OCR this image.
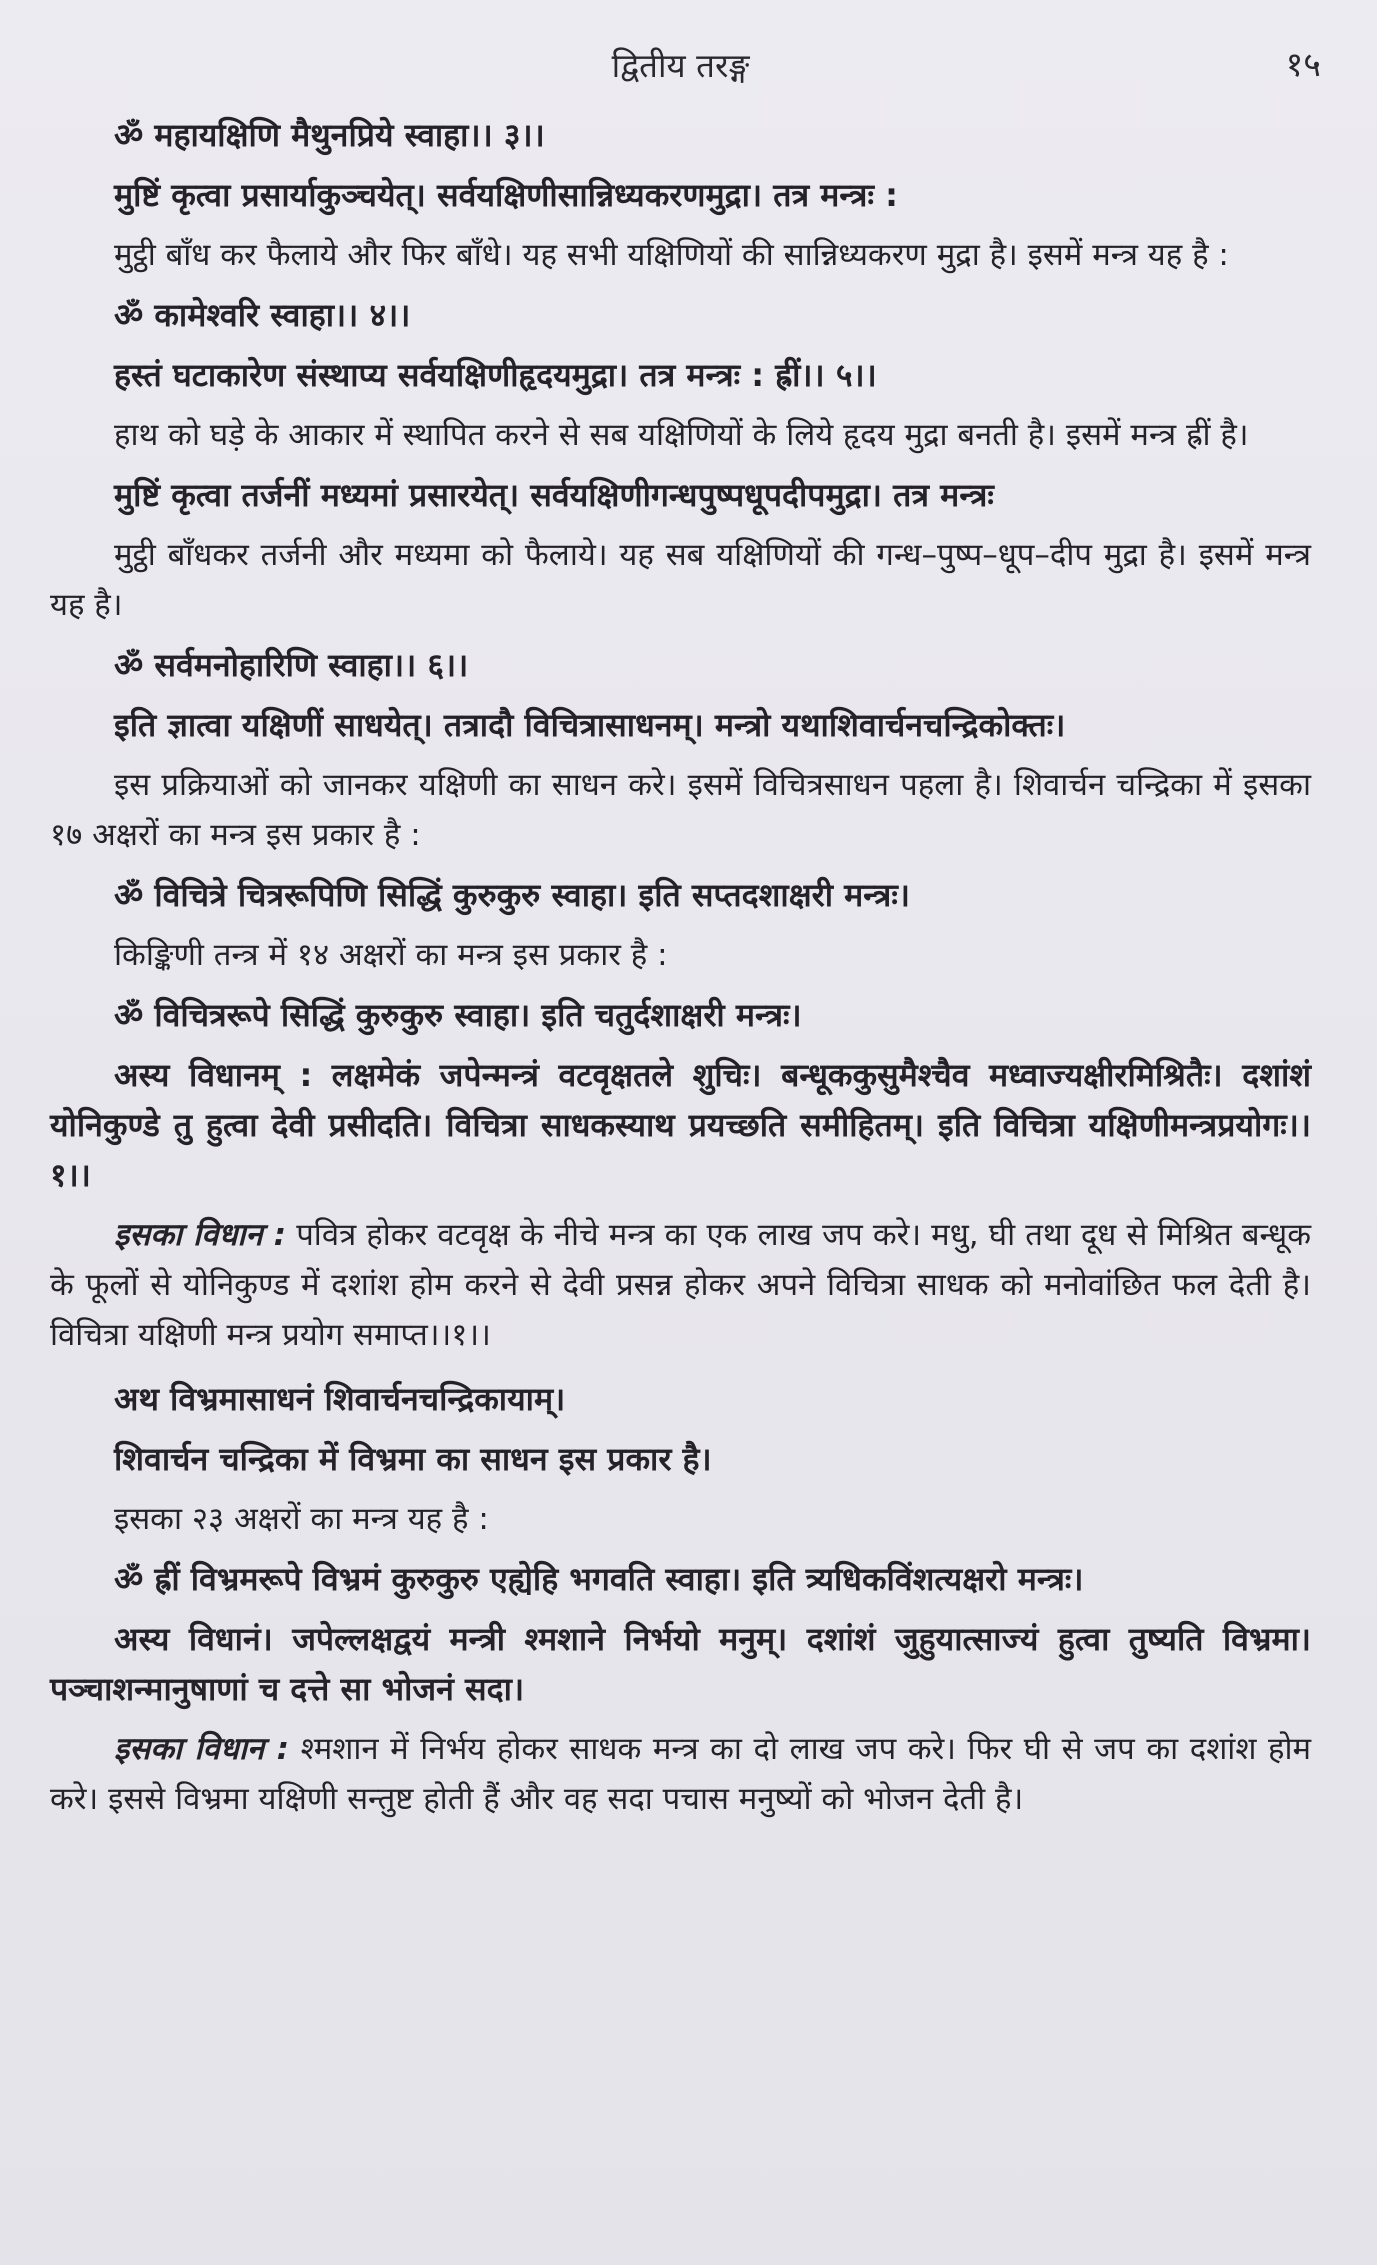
द्वितीय तरङ्ग	१५

ॐ महायक्षिणि मैथुनप्रिये स्वाहा।। ३।।

मुष्टिं कृत्वा प्रसार्याकुञ्चयेत्। सर्वयक्षिणीसान्निध्यकरणमुद्रा। तत्र मन्त्रः :

मुट्ठी बाँध कर फैलाये और फिर बाँधे। यह सभी यक्षिणियों की सान्निध्यकरण मुद्रा है। इसमें मन्त्र यह है :

ॐ कामेश्वरि स्वाहा।। ४।।

हस्तं घटाकारेण संस्थाप्य सर्वयक्षिणीहृदयमुद्रा। तत्र मन्त्रः : ह्रीं।। ५।।

हाथ को घड़े के आकार में स्थापित करने से सब यक्षिणियों के लिये हृदय मुद्रा बनती है। इसमें मन्त्र ह्रीं है।

मुष्टिं कृत्वा तर्जनीं मध्यमां प्रसारयेत्। सर्वयक्षिणीगन्धपुष्पधूपदीपमुद्रा। तत्र मन्त्रः

मुट्ठी बाँधकर तर्जनी और मध्यमा को फैलाये। यह सब यक्षिणियों की गन्ध–पुष्प–धूप–दीप मुद्रा है। इसमें मन्त्र यह है।

ॐ सर्वमनोहारिणि स्वाहा।। ६।।

इति ज्ञात्वा यक्षिणीं साधयेत्। तत्रादौ विचित्रासाधनम्। मन्त्रो यथाशिवार्चनचन्द्रिकोक्तः।

इस प्रक्रियाओं को जानकर यक्षिणी का साधन करे। इसमें विचित्रसाधन पहला है। शिवार्चन चन्द्रिका में इसका १७ अक्षरों का मन्त्र इस प्रकार है :

ॐ विचित्रे चित्ररूपिणि सिद्धिं कुरुकुरु स्वाहा। इति सप्तदशाक्षरी मन्त्रः।

किङ्किणी तन्त्र में १४ अक्षरों का मन्त्र इस प्रकार है :

ॐ विचित्ररूपे सिद्धिं कुरुकुरु स्वाहा। इति चतुर्दशाक्षरी मन्त्रः।

अस्य विधानम् : लक्षमेकं जपेन्मन्त्रं वटवृक्षतले शुचिः। बन्धूककुसुमैश्चैव मध्वाज्यक्षीरमिश्रितैः। दशांशं योनिकुण्डे तु हुत्वा देवी प्रसीदति। विचित्रा साधकस्याथ प्रयच्छति समीहितम्। इति विचित्रा यक्षिणीमन्त्रप्रयोगः।। १।।

इसका विधान : पवित्र होकर वटवृक्ष के नीचे मन्त्र का एक लाख जप करे। मधु, घी तथा दूध से मिश्रित बन्धूक के फूलों से योनिकुण्ड में दशांश होम करने से देवी प्रसन्न होकर अपने विचित्रा साधक को मनोवांछित फल देती है। विचित्रा यक्षिणी मन्त्र प्रयोग समाप्त।।१।।

अथ विभ्रमासाधनं शिवार्चनचन्द्रिकायाम्।

शिवार्चन चन्द्रिका में विभ्रमा का साधन इस प्रकार है।

इसका २३ अक्षरों का मन्त्र यह है :

ॐ ह्रीं विभ्रमरूपे विभ्रमं कुरुकुरु एह्येहि भगवति स्वाहा। इति त्र्यधिकविंशत्यक्षरो मन्त्रः।

अस्य विधानं। जपेल्लक्षद्वयं मन्त्री श्मशाने निर्भयो मनुम्। दशांशं जुहुयात्साज्यं हुत्वा तुष्यति विभ्रमा। पञ्चाशन्मानुषाणां च दत्ते सा भोजनं सदा।

इसका विधान : श्मशान में निर्भय होकर साधक मन्त्र का दो लाख जप करे। फिर घी से जप का दशांश होम करे। इससे विभ्रमा यक्षिणी सन्तुष्ट होती हैं और वह सदा पचास मनुष्यों को भोजन देती है।
